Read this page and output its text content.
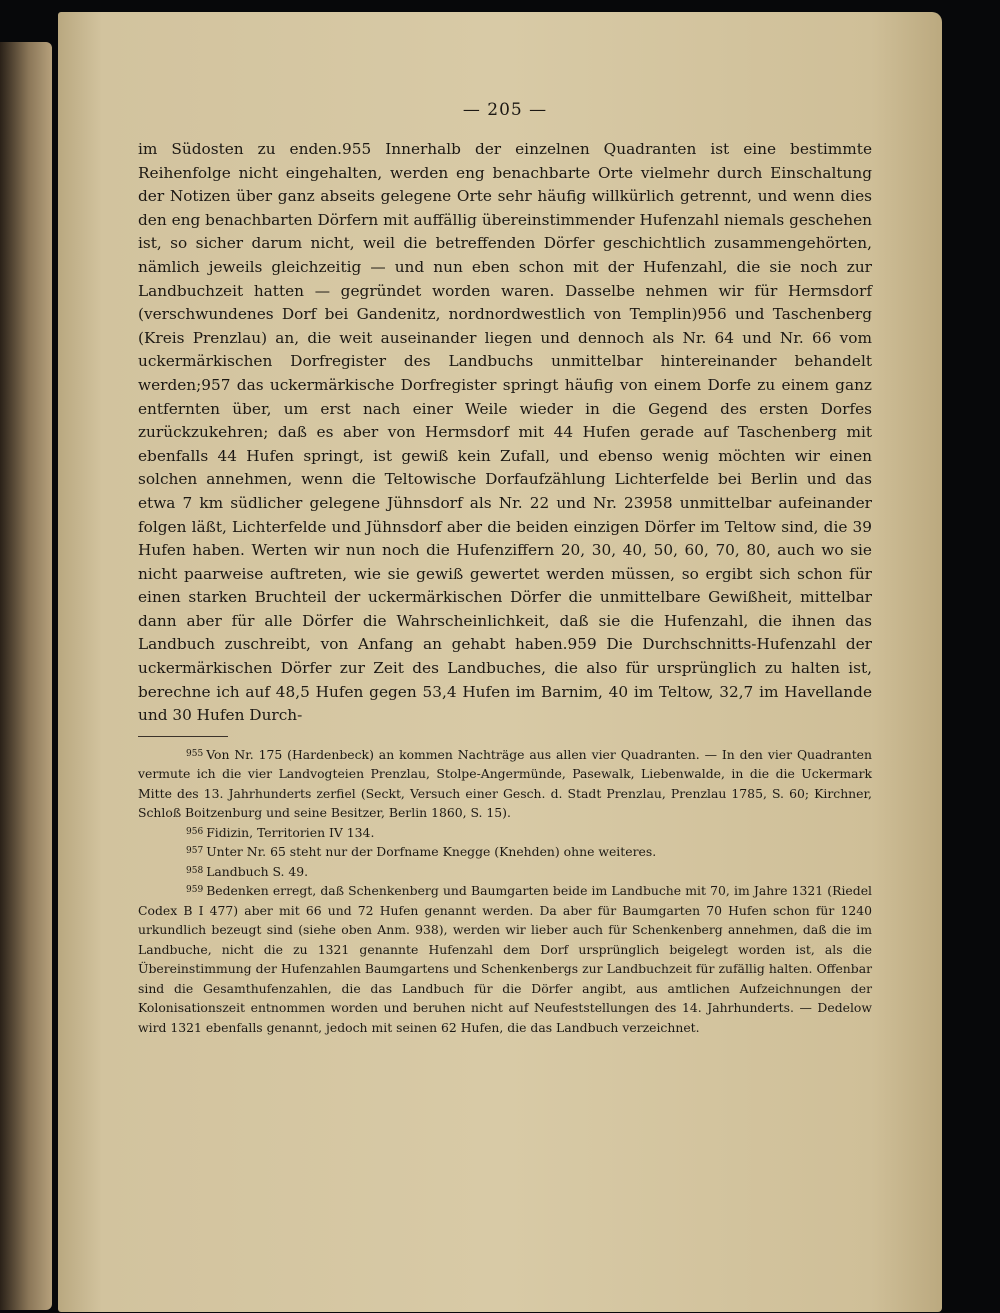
— 205 —

im Südosten zu enden.955 Innerhalb der einzelnen Quadranten ist eine bestimmte Reihenfolge nicht eingehalten, werden eng benachbarte Orte vielmehr durch Einschaltung der Notizen über ganz abseits gelegene Orte sehr häufig willkürlich getrennt, und wenn dies den eng benachbarten Dörfern mit auffällig übereinstimmender Hufenzahl niemals geschehen ist, so sicher darum nicht, weil die betreffenden Dörfer geschichtlich zusammengehörten, nämlich jeweils gleichzeitig — und nun eben schon mit der Hufenzahl, die sie noch zur Landbuchzeit hatten — gegründet worden waren. Dasselbe nehmen wir für Hermsdorf (verschwundenes Dorf bei Gandenitz, nordnordwestlich von Templin)956 und Taschenberg (Kreis Prenzlau) an, die weit auseinander liegen und dennoch als Nr. 64 und Nr. 66 vom uckermärkischen Dorfregister des Landbuchs unmittelbar hintereinander behandelt werden;957 das uckermärkische Dorfregister springt häufig von einem Dorfe zu einem ganz entfernten über, um erst nach einer Weile wieder in die Gegend des ersten Dorfes zurückzukehren; daß es aber von Hermsdorf mit 44 Hufen gerade auf Taschenberg mit ebenfalls 44 Hufen springt, ist gewiß kein Zufall, und ebenso wenig möchten wir einen solchen annehmen, wenn die Teltowische Dorfaufzählung Lichterfelde bei Berlin und das etwa 7 km südlicher gelegene Jühnsdorf als Nr. 22 und Nr. 23958 unmittelbar aufeinander folgen läßt, Lichterfelde und Jühnsdorf aber die beiden einzigen Dörfer im Teltow sind, die 39 Hufen haben. Werten wir nun noch die Hufenziffern 20, 30, 40, 50, 60, 70, 80, auch wo sie nicht paarweise auftreten, wie sie gewiß gewertet werden müssen, so ergibt sich schon für einen starken Bruchteil der uckermärkischen Dörfer die unmittelbare Gewißheit, mittelbar dann aber für alle Dörfer die Wahrscheinlichkeit, daß sie die Hufenzahl, die ihnen das Landbuch zuschreibt, von Anfang an gehabt haben.959 Die Durchschnitts-Hufenzahl der uckermärkischen Dörfer zur Zeit des Landbuches, die also für ursprünglich zu halten ist, berechne ich auf 48,5 Hufen gegen 53,4 Hufen im Barnim, 40 im Teltow, 32,7 im Havellande und 30 Hufen Durch-

$^{955}$ Von Nr. 175 (Hardenbeck) an kommen Nachträge aus allen vier Quadranten. — In den vier Quadranten vermute ich die vier Landvogteien Prenzlau, Stolpe-Angermünde, Pasewalk, Liebenwalde, in die die Uckermark Mitte des 13. Jahrhunderts zerfiel (Seckt, Versuch einer Gesch. d. Stadt Prenzlau, Prenzlau 1785, S. 60; Kirchner, Schloß Boitzenburg und seine Besitzer, Berlin 1860, S. 15).

$^{956}$ Fidizin, Territorien IV 134.

$^{957}$ Unter Nr. 65 steht nur der Dorfname Knegge (Knehden) ohne weiteres.

$^{958}$ Landbuch S. 49.

$^{959}$ Bedenken erregt, daß Schenkenberg und Baumgarten beide im Landbuche mit 70, im Jahre 1321 (Riedel Codex B I 477) aber mit 66 und 72 Hufen genannt werden. Da aber für Baumgarten 70 Hufen schon für 1240 urkundlich bezeugt sind (siehe oben Anm. 938), werden wir lieber auch für Schenkenberg annehmen, daß die im Landbuche, nicht die zu 1321 genannte Hufenzahl dem Dorf ursprünglich beigelegt worden ist, als die Übereinstimmung der Hufenzahlen Baumgartens und Schenkenbergs zur Landbuchzeit für zufällig halten. Offenbar sind die Gesamthufenzahlen, die das Landbuch für die Dörfer angibt, aus amtlichen Aufzeichnungen der Kolonisationszeit entnommen worden und beruhen nicht auf Neufeststellungen des 14. Jahrhunderts. — Dedelow wird 1321 ebenfalls genannt, jedoch mit seinen 62 Hufen, die das Landbuch verzeichnet.
